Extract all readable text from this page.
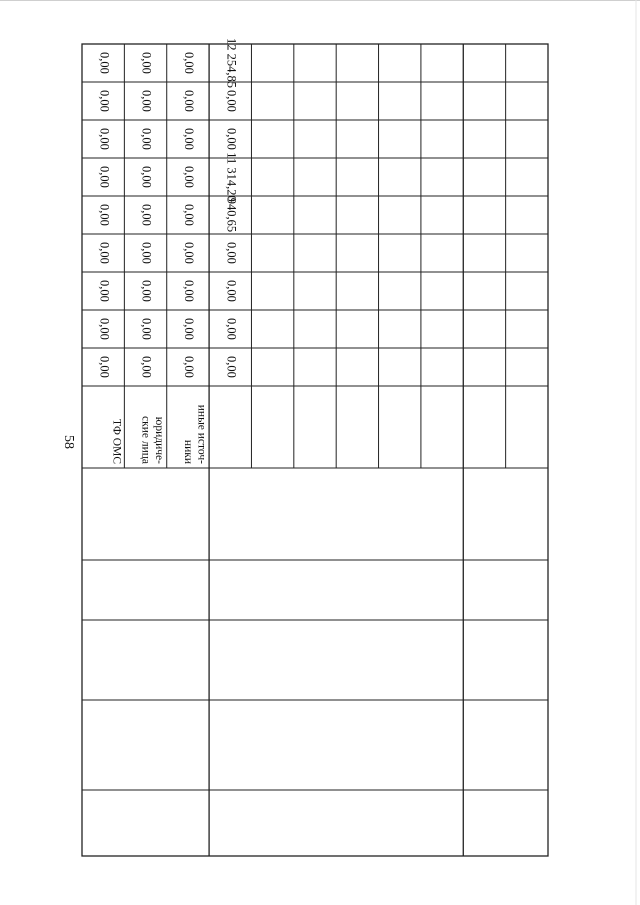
58
0,00
0,00
0,00
0,00
0,00
0,00
0,00
0,00
0,00
ТФ ОМС
0,00
0,00
0,00
0,00
0,00
0,00
0,00
0,00
0,00
юридиче-
ские лица
0,00
0,00
0,00
0,00
0,00
0,00
0,00
0,00
0,00
иные источ-
ники
0,00
0,00
0,00
0,00
940,65
11 314,20
0,00
0,00
12 254,85
